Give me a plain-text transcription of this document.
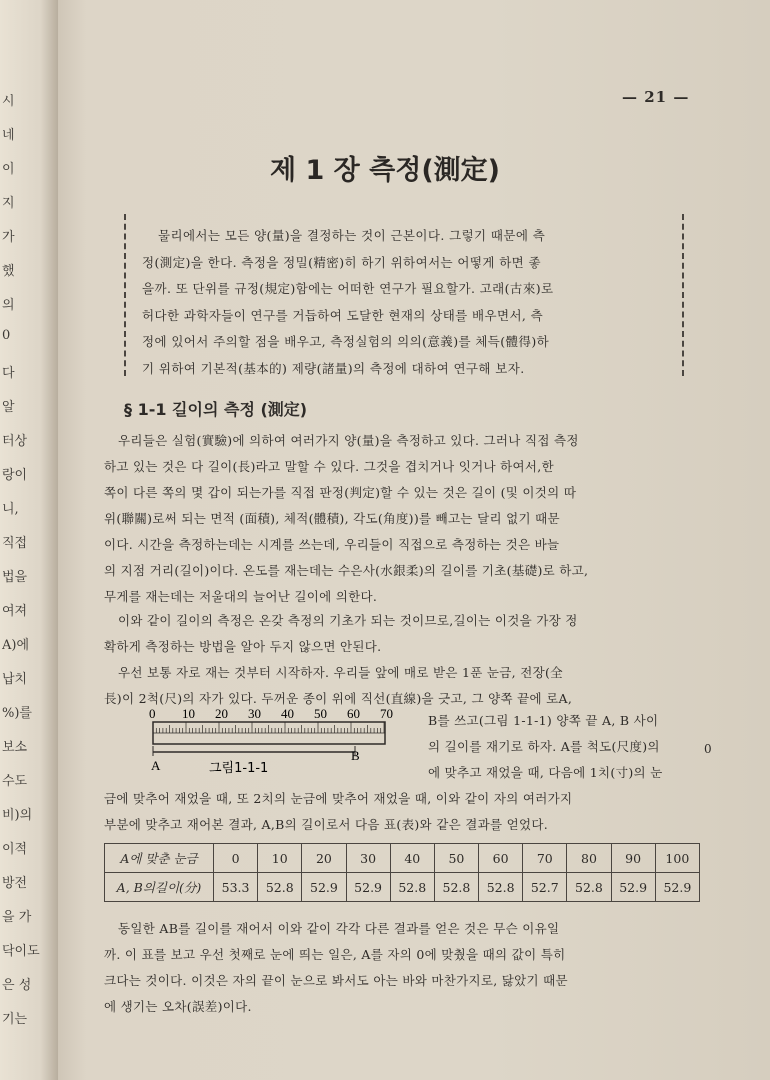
시
네
이
지
가
했
의
0
다
알
터상
랑이
니,
직접
법을
여져
A)에
납치
%)를
보소
수도
비)의
이적
방전
을 가
닥이도
은 성
기는
— 21 —
제 1 장 측정(測定)
물리에서는 모든 양(量)을 결정하는 것이 근본이다. 그렇기 때문에 측
정(測定)을 한다. 측정을 정밀(精密)히 하기 위하여서는 어떻게 하면 좋
을까. 또 단위를 규정(規定)함에는 어떠한 연구가 필요할가. 고래(古來)로
허다한 과학자들이 연구를 거듭하여 도달한 현재의 상태를 배우면서, 측
정에 있어서 주의할 점을 배우고, 측정실험의 의의(意義)를 체득(體得)하
기 위하여 기본적(基本的) 제량(諸量)의 측정에 대하여 연구해 보자.
§ 1-1 길이의 측정 (測定)
우리들은 실험(實驗)에 의하여 여러가지 양(量)을 측정하고 있다. 그러나 직접 측정
하고 있는 것은 다 길이(長)라고 말할 수 있다. 그것을 겹치거나 잇거나 하여서,한
쪽이 다른 쪽의 몇 갑이 되는가를 직접 판정(判定)할 수 있는 것은 길이 (및 이것의 따
위(聯關)로써 되는 면적 (面積), 체적(體積), 각도(角度))를 빼고는 달리 없기 때문
이다. 시간을 측정하는데는 시계를 쓰는데, 우리들이 직접으로 측정하는 것은 바늘
의 지점 거리(길이)이다. 온도를 재는데는 수은사(水銀柔)의 길이를 기초(基礎)로 하고,
무게를 재는데는 저울대의 늘어난 길이에 의한다.
이와 같이 길이의 측정은 온갖 측정의 기초가 되는 것이므로,길이는 이것을 가장 정
확하게 측정하는 방법을 알아 두지 않으면 안된다.
우선 보통 자로 재는 것부터 시작하자. 우리들 앞에 매로 받은 1푼 눈금, 전장(全
長)이 2척(尺)의 자가 있다. 두꺼운 종이 위에 직선(直線)을 긋고, 그 양쪽 끝에 로A,
B를 쓰고(그림 1-1-1) 양쪽 끝 A, B 사이
의 길이를 재기로 하자. A를 척도(尺度)의
에 맞추고 재었을 때, 다음에 1치(寸)의 눈
0
0 10 20 30 40 50 60 70
A
B
그림1-1-1
금에 맞추어 재었을 때, 또 2치의 눈금에 맞추어 재었을 때, 이와 같이 자의 여러가지
부분에 맞추고 재어본 결과, A,B의 길이로서 다음 표(表)와 같은 결과를 얻었다.
A에 맞춘 눈금	0	10	20	30	40	50	60	70	80	90	100
A, B의길이(分)	53.3	52.8	52.9	52.9	52.8	52.8	52.8	52.7	52.8	52.9	52.9
동일한 AB를 길이를 재어서 이와 같이 각각 다른 결과를 얻은 것은 무슨 이유일
까. 이 표를 보고 우선 첫째로 눈에 띄는 일은, A를 자의 0에 맞췄을 때의 값이 특히
크다는 것이다. 이것은 자의 끝이 눈으로 봐서도 아는 바와 마찬가지로, 닳았기 때문
에 생기는 오차(誤差)이다.
